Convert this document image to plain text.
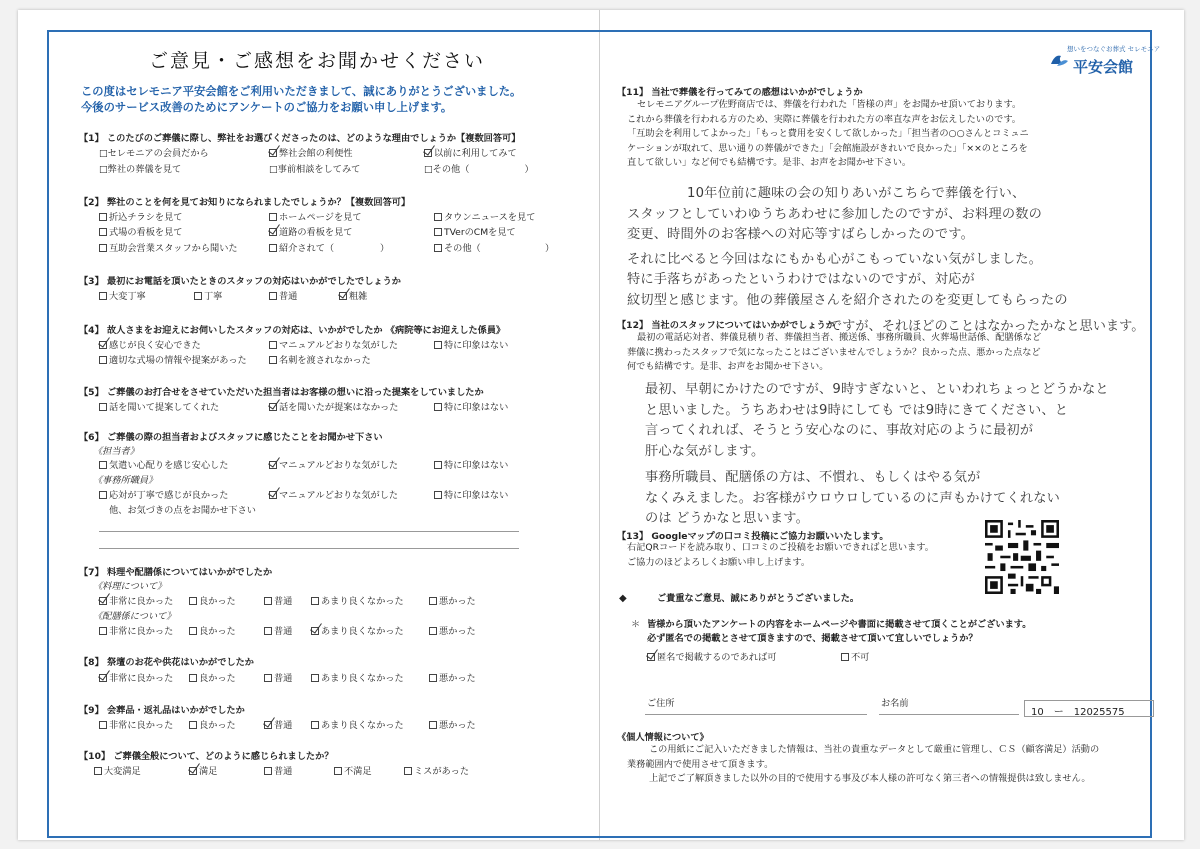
ご意見・ご感想をお聞かせください
この度はセレモニア平安会館をご利用いただきまして、誠にありがとうございました。
今後のサービス改善のためにアンケートのご協力をお願い申し上げます。
【1】 このたびのご葬儀に際し、弊社をお選びくださったのは、どのような理由でしょうか【複数回答可】
□セレモニアの会員だから	弊社会館の利便性	以前に利用してみて
□弊社の葬儀を見て	□事前相談をしてみて	□その他（　　　　　　）
【2】 弊社のことを何を見てお知りになられましたでしょうか？【複数回答可】
折込チラシを見て	ホームページを見て	タウンニュースを見て
式場の看板を見て	道路の看板を見て	TVerのCMを見て
互助会営業スタッフから聞いた	紹介されて（　　　　　）	その他（　　　　　　　）
【3】 最初にお電話を頂いたときのスタッフの対応はいかがでしたでしょうか
大変丁寧	丁寧	普通	粗雑
【4】 故人さまをお迎えにお伺いしたスタッフの対応は、いかがでしたか 《病院等にお迎えした係員》
感じが良く安心できた	マニュアルどおりな気がした	特に印象はない
適切な式場の情報や提案があった	名刺を渡されなかった
【5】 ご葬儀のお打合せをさせていただいた担当者はお客様の想いに沿った提案をしていましたか
話を聞いて提案してくれた	話を聞いたが提案はなかった	特に印象はない
【6】 ご葬儀の際の担当者およびスタッフに感じたことをお聞かせ下さい
《担当者》
気遣い心配りを感じ安心した	マニュアルどおりな気がした	特に印象はない
《事務所職員》
応対が丁寧で感じが良かった	マニュアルどおりな気がした	特に印象はない
他、お気づきの点をお聞かせ下さい
【7】 料理や配膳係についてはいかがでしたか
《料理について》
非常に良かった	良かった	普通	あまり良くなかった	悪かった
《配膳係について》
非常に良かった	良かった	普通	あまり良くなかった	悪かった
【8】 祭壇のお花や供花はいかがでしたか
非常に良かった	良かった	普通	あまり良くなかった	悪かった
【9】 会葬品・返礼品はいかがでしたか
非常に良かった	良かった	普通	あまり良くなかった	悪かった
【10】 ご葬儀全般について、どのように感じられましたか？
大変満足	満足	普通	不満足	ミスがあった
想いをつなぐお葬式 セレモニア
平安会館
【11】 当社で葬儀を行ってみての感想はいかがでしょうか
セレモニアグループ佐野商店では、葬儀を行われた「皆様の声」をお聞かせ頂いております。
これから葬儀を行われる方のため、実際に葬儀を行われた方の率直な声をお伝えしたいのです。
「互助会を利用してよかった」「もっと費用を安くして欲しかった」「担当者の○○さんとコミュニ
ケーションが取れて、思い通りの葬儀ができた」「会館施設がきれいで良かった」「××のところを
直して欲しい」など何でも結構です。是非、お声をお聞かせ下さい。
10年位前に趣味の会の知りあいがこちらで葬儀を行い、
スタッフとしていわゆうちあわせに参加したのですが、お料理の数の
変更、時間外のお客様への対応等すばらしかったのです。
それに比べると今回はなにもかも心がこもっていない気がしました。
特に手落ちがあったというわけではないのですが、対応が
紋切型と感じます。他の葬儀屋さんを紹介されたのを変更してもらったの
ですが、それほどのことはなかったかなと思います。
【12】 当社のスタッフについてはいかがでしょうか
最初の電話応対者、葬儀見積り者、葬儀担当者、搬送係、事務所職員、火葬場世話係、配膳係など
葬儀に携わったスタッフで気になったことはございませんでしょうか？良かった点、悪かった点など
何でも結構です。是非、お声をお聞かせ下さい。
最初、早朝にかけたのですが、9時すぎないと、といわれちょっとどうかなと
と思いました。うちあわせは9時にしても では9時にきてください、と
言ってくれれば、そうとう安心なのに、事故対応のように最初が
肝心な気がします。
事務所職員、配膳係の方は、不慣れ、もしくはやる気が
なくみえました。お客様がウロウロしているのに声もかけてくれない
のは どうかなと思います。
【13】 Googleマップの口コミ投稿にご協力お願いいたします。
右記QRコードを読み取り、口コミのご投稿をお願いできればと思います。
ご協力のほどよろしくお願い申し上げます。
◆	ご貴重なご意見、誠にありがとうございました。
＊ 皆様から頂いたアンケートの内容をホームページや書面に掲載させて頂くことがございます。
必ず匿名での掲載とさせて頂きますので、掲載させて頂いて宜しいでしょうか？
匿名で掲載するのであれば可	不可
ご住所	お名前
10　ー　12025575
《個人情報について》
この用紙にご記入いただきました情報は、当社の貴重なデータとして厳重に管理し、ＣＳ（顧客満足）活動の
業務範囲内で使用させて頂きます。
上記でご了解頂きました以外の目的で使用する事及び本人様の許可なく第三者への情報提供は致しません。
